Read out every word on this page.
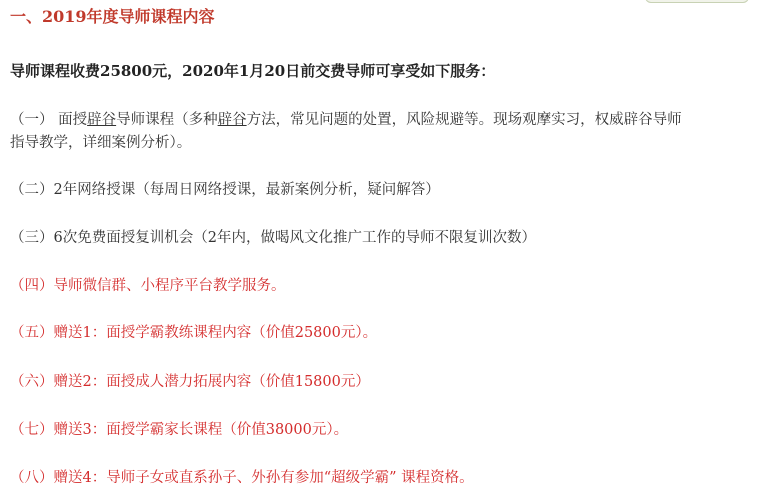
一、2019年度导师课程内容
导师课程收费25800元，2020年1月20日前交费导师可享受如下服务：
（一） 面授辟谷导师课程（多种辟谷方法，常见问题的处置，风险规避等。现场观摩实习，权威辟谷导师
指导教学，详细案例分析）。
（二）2年网络授课（每周日网络授课，最新案例分析，疑问解答）
（三）6次免费面授复训机会（2年内，做喝风文化推广工作的导师不限复训次数）
（四）导师微信群、小程序平台教学服务。
（五）赠送1：面授学霸教练课程内容（价值25800元）。
（六）赠送2：面授成人潜力拓展内容（价值15800元）
（七）赠送3：面授学霸家长课程（价值38000元）。
（八）赠送4：导师子女或直系孙子、外孙有参加“超级学霸” 课程资格。
